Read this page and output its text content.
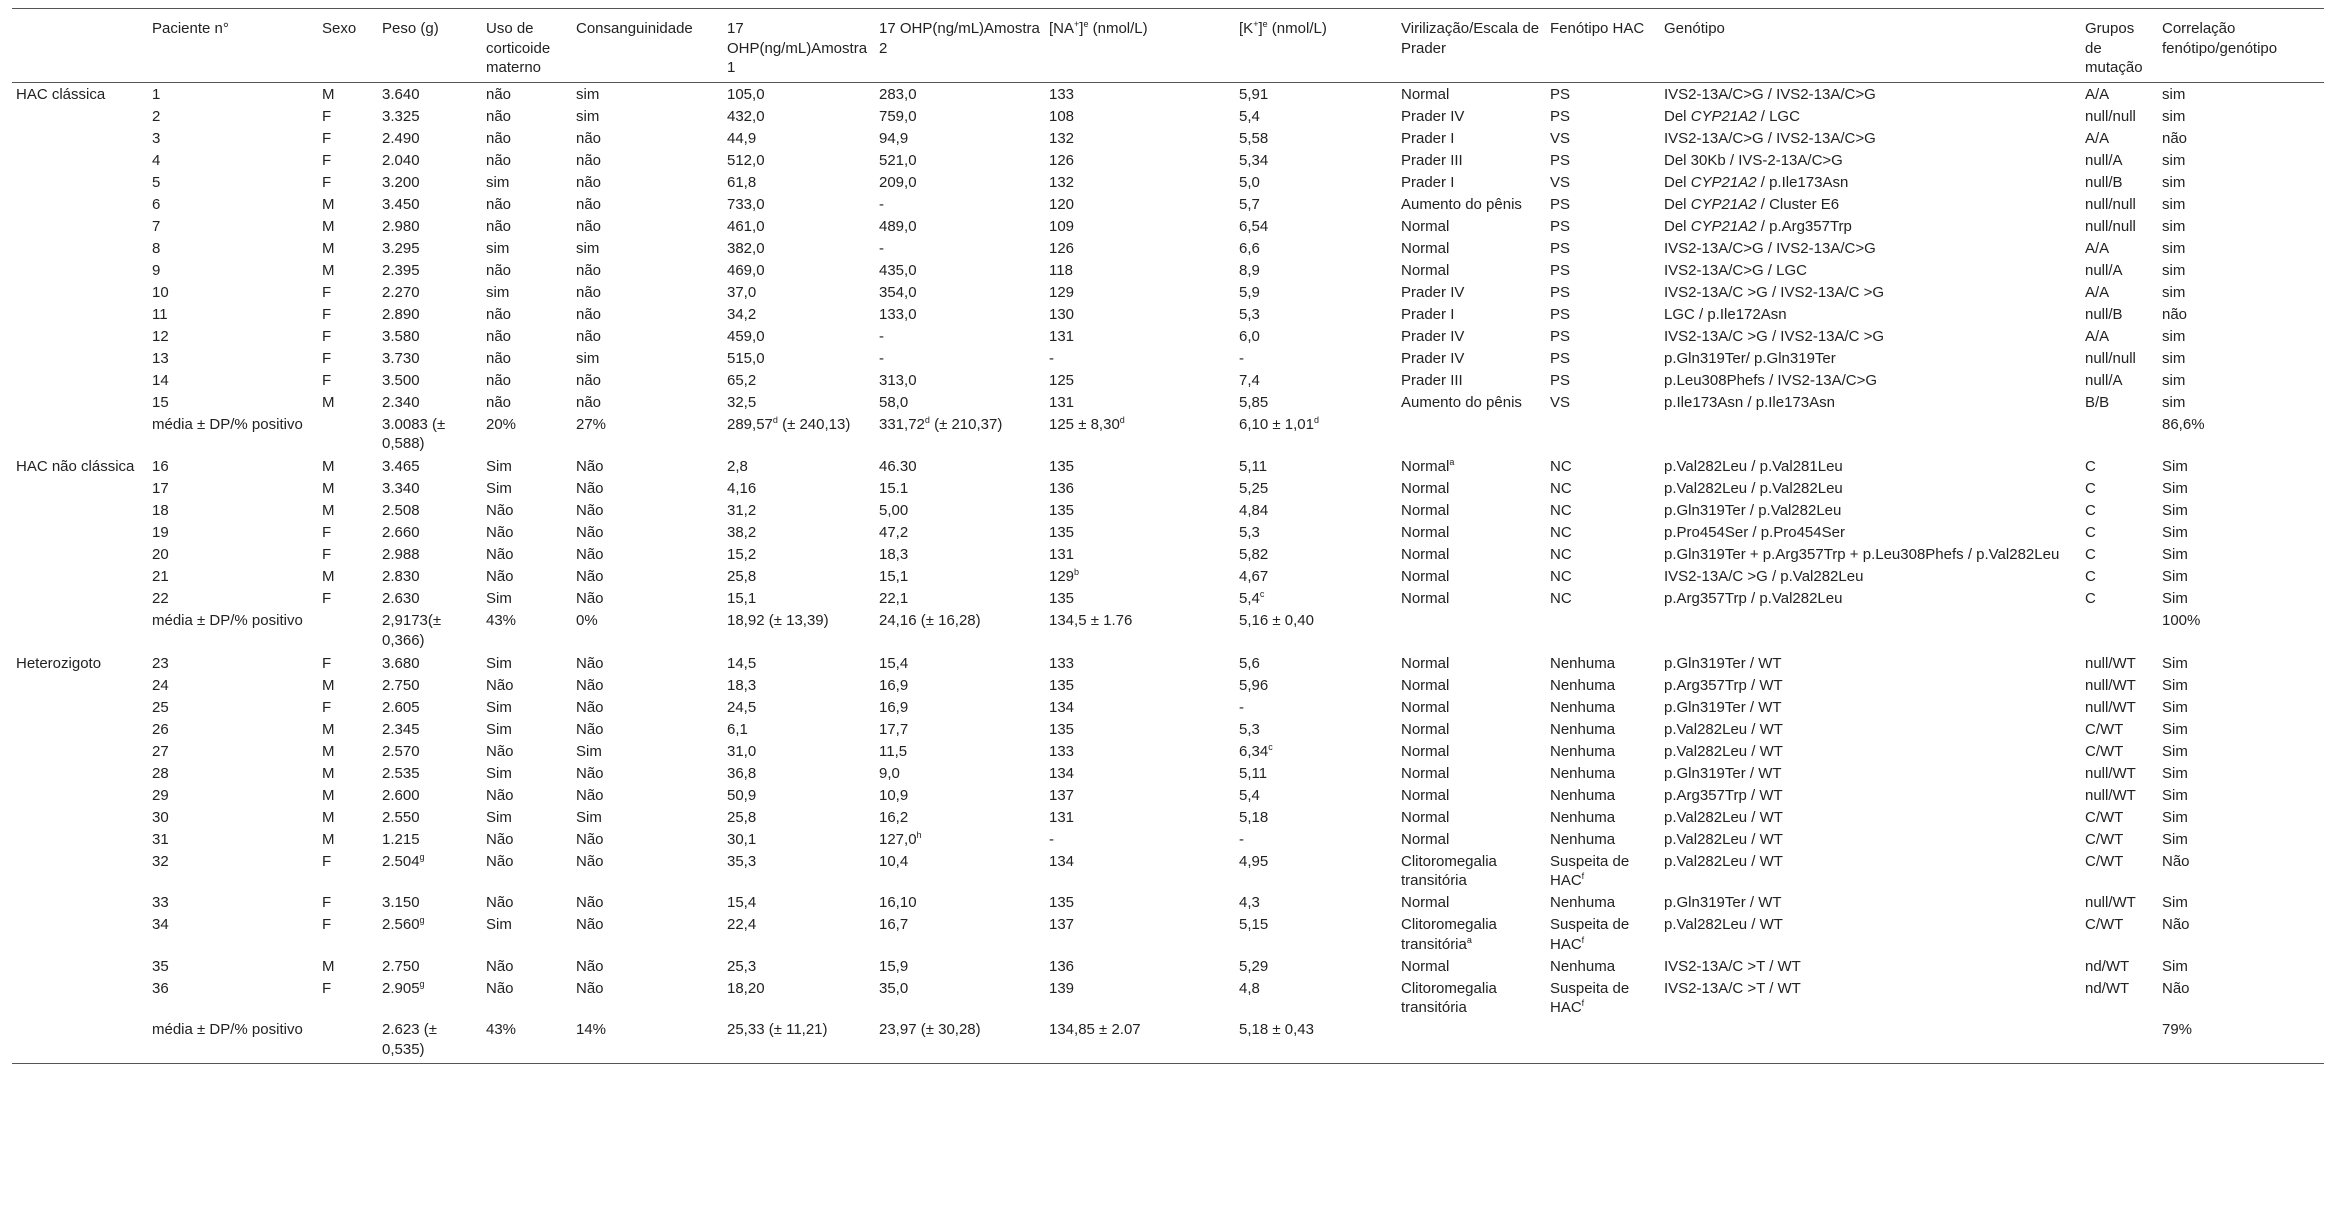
	Paciente n°	Sexo	Peso (g)	Uso de corticoide materno	Consanguinidade	17 OHP(ng/mL)Amostra 1	17 OHP(ng/mL)Amostra 2	$[NA^+]^e$ (nmol/L)	$[K^+]^e$ (nmol/L)	Virilização/Escala de Prader	Fenótipo HAC	Genótipo	Grupos de mutação	Correlação fenótipo/genótipo
HAC clássica	1	M	3.640	não	sim	105,0	283,0	133	5,91	Normal	PS	IVS2-13A/C>G / IVS2-13A/C>G	A/A	sim
	2	F	3.325	não	sim	432,0	759,0	108	5,4	Prader IV	PS	Del CYP21A2 / LGC	null/null	sim
	3	F	2.490	não	não	44,9	94,9	132	5,58	Prader I	VS	IVS2-13A/C>G / IVS2-13A/C>G	A/A	não
	4	F	2.040	não	não	512,0	521,0	126	5,34	Prader III	PS	Del 30Kb / IVS-2-13A/C>G	null/A	sim
	5	F	3.200	sim	não	61,8	209,0	132	5,0	Prader I	VS	Del CYP21A2 / p.Ile173Asn	null/B	sim
	6	M	3.450	não	não	733,0	-	120	5,7	Aumento do pênis	PS	Del CYP21A2 / Cluster E6	null/null	sim
	7	M	2.980	não	não	461,0	489,0	109	6,54	Normal	PS	Del CYP21A2 / p.Arg357Trp	null/null	sim
	8	M	3.295	sim	sim	382,0	-	126	6,6	Normal	PS	IVS2-13A/C>G / IVS2-13A/C>G	A/A	sim
	9	M	2.395	não	não	469,0	435,0	118	8,9	Normal	PS	IVS2-13A/C>G / LGC	null/A	sim
	10	F	2.270	sim	não	37,0	354,0	129	5,9	Prader IV	PS	IVS2-13A/C >G / IVS2-13A/C >G	A/A	sim
	11	F	2.890	não	não	34,2	133,0	130	5,3	Prader I	PS	LGC / p.Ile172Asn	null/B	não
	12	F	3.580	não	não	459,0	-	131	6,0	Prader IV	PS	IVS2-13A/C >G / IVS2-13A/C >G	A/A	sim
	13	F	3.730	não	sim	515,0	-	-	-	Prader IV	PS	p.Gln319Ter/ p.Gln319Ter	null/null	sim
	14	F	3.500	não	não	65,2	313,0	125	7,4	Prader III	PS	p.Leu308Phefs / IVS2-13A/C>G	null/A	sim
	15	M	2.340	não	não	32,5	58,0	131	5,85	Aumento do pênis	VS	p.Ile173Asn / p.Ile173Asn	B/B	sim
	média ± DP/% positivo		3.0083 (± 0,588)	20%	27%	289,57$^d$ (± 240,13)	331,72$^d$ (± 210,37)	125 ± 8,30$^d$	6,10 ± 1,01$^d$					86,6%
HAC não clássica	16	M	3.465	Sim	Não	2,8	46.30	135	5,11	Normal$^a$	NC	p.Val282Leu / p.Val281Leu	C	Sim
	17	M	3.340	Sim	Não	4,16	15.1	136	5,25	Normal	NC	p.Val282Leu / p.Val282Leu	C	Sim
	18	M	2.508	Não	Não	31,2	5,00	135	4,84	Normal	NC	p.Gln319Ter / p.Val282Leu	C	Sim
	19	F	2.660	Não	Não	38,2	47,2	135	5,3	Normal	NC	p.Pro454Ser / p.Pro454Ser	C	Sim
	20	F	2.988	Não	Não	15,2	18,3	131	5,82	Normal	NC	p.Gln319Ter + p.Arg357Trp + p.Leu308Phefs / p.Val282Leu	C	Sim
	21	M	2.830	Não	Não	25,8	15,1	129$^b$	4,67	Normal	NC	IVS2-13A/C >G / p.Val282Leu	C	Sim
	22	F	2.630	Sim	Não	15,1	22,1	135	5,4$^c$	Normal	NC	p.Arg357Trp / p.Val282Leu	C	Sim
	média ± DP/% positivo		2,9173(± 0,366)	43%	0%	18,92 (± 13,39)	24,16 (± 16,28)	134,5 ± 1.76	5,16 ± 0,40					100%
Heterozigoto	23	F	3.680	Sim	Não	14,5	15,4	133	5,6	Normal	Nenhuma	p.Gln319Ter / WT	null/WT	Sim
	24	M	2.750	Não	Não	18,3	16,9	135	5,96	Normal	Nenhuma	p.Arg357Trp / WT	null/WT	Sim
	25	F	2.605	Sim	Não	24,5	16,9	134	-	Normal	Nenhuma	p.Gln319Ter / WT	null/WT	Sim
	26	M	2.345	Sim	Não	6,1	17,7	135	5,3	Normal	Nenhuma	p.Val282Leu / WT	C/WT	Sim
	27	M	2.570	Não	Sim	31,0	11,5	133	6,34$^c$	Normal	Nenhuma	p.Val282Leu / WT	C/WT	Sim
	28	M	2.535	Sim	Não	36,8	9,0	134	5,11	Normal	Nenhuma	p.Gln319Ter / WT	null/WT	Sim
	29	M	2.600	Não	Não	50,9	10,9	137	5,4	Normal	Nenhuma	p.Arg357Trp / WT	null/WT	Sim
	30	M	2.550	Sim	Sim	25,8	16,2	131	5,18	Normal	Nenhuma	p.Val282Leu / WT	C/WT	Sim
	31	M	1.215	Não	Não	30,1	127,0$^h$	-	-	Normal	Nenhuma	p.Val282Leu / WT	C/WT	Sim
	32	F	2.504$^g$	Não	Não	35,3	10,4	134	4,95	Clitoromegalia transitória	Suspeita de HAC$^f$	p.Val282Leu / WT	C/WT	Não
	33	F	3.150	Não	Não	15,4	16,10	135	4,3	Normal	Nenhuma	p.Gln319Ter / WT	null/WT	Sim
	34	F	2.560$^g$	Sim	Não	22,4	16,7	137	5,15	Clitoromegalia transitória$^a$	Suspeita de HAC$^f$	p.Val282Leu / WT	C/WT	Não
	35	M	2.750	Não	Não	25,3	15,9	136	5,29	Normal	Nenhuma	IVS2-13A/C >T / WT	nd/WT	Sim
	36	F	2.905$^g$	Não	Não	18,20	35,0	139	4,8	Clitoromegalia transitória	Suspeita de HAC$^f$	IVS2-13A/C >T / WT	nd/WT	Não
	média ± DP/% positivo		2.623 (± 0,535)	43%	14%	25,33 (± 11,21)	23,97 (± 30,28)	134,85 ± 2.07	5,18 ± 0,43					79%
